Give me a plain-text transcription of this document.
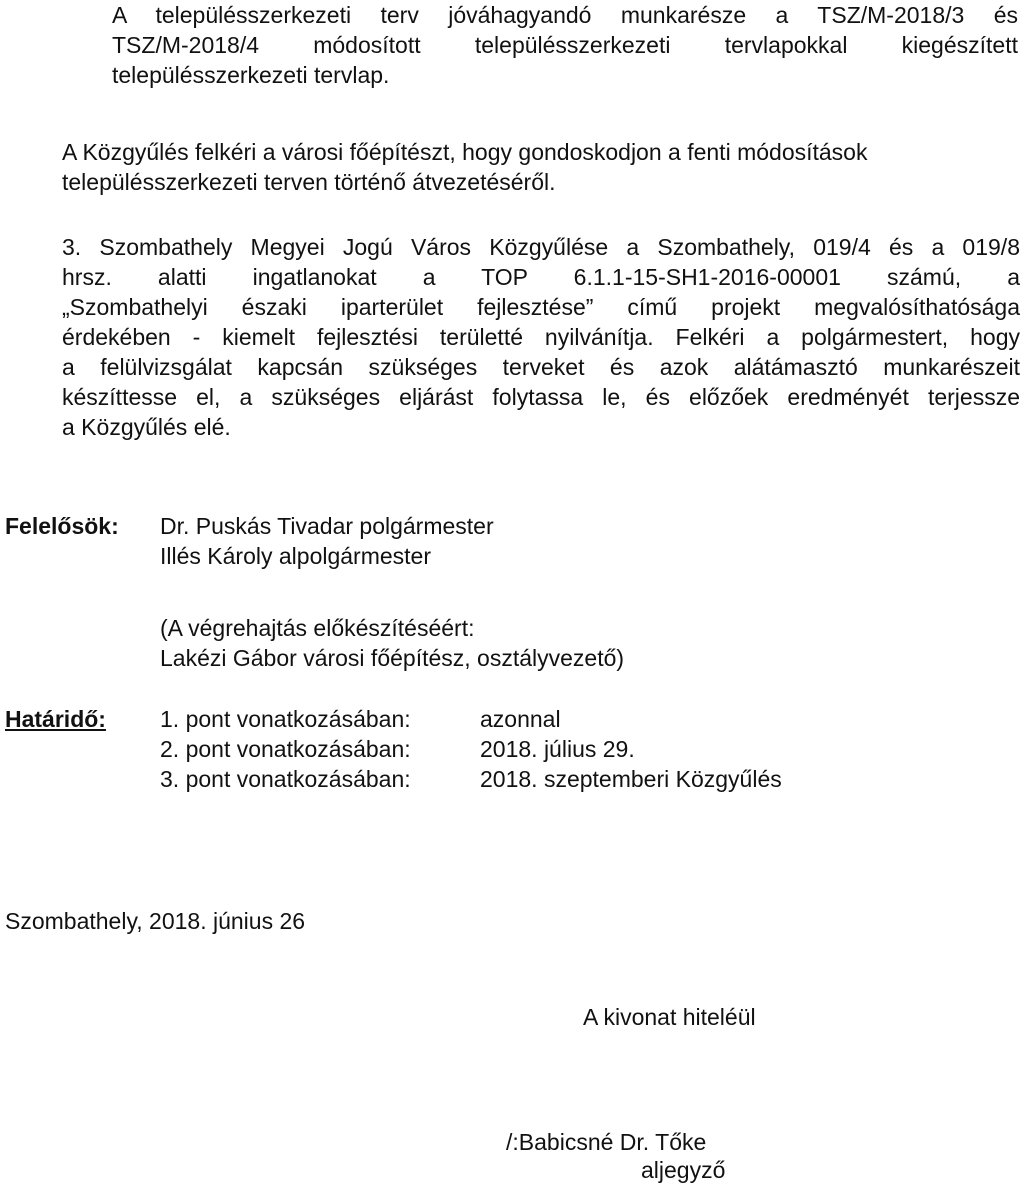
A településszerkezeti terv jóváhagyandó munkarésze a TSZ/M-2018/3 és
TSZ/M-2018/4 módosított településszerkezeti tervlapokkal kiegészített
településszerkezeti tervlap.
A Közgyűlés felkéri a városi főépítészt, hogy gondoskodjon a fenti módosítások
településszerkezeti terven történő átvezetéséről.
3. Szombathely Megyei Jogú Város Közgyűlése a Szombathely, 019/4 és a 019/8
hrsz. alatti ingatlanokat a TOP 6.1.1-15-SH1-2016-00001 számú, a
„Szombathelyi északi iparterület fejlesztése” című projekt megvalósíthatósága
érdekében - kiemelt fejlesztési területté nyilvánítja. Felkéri a polgármestert, hogy
a felülvizsgálat kapcsán szükséges terveket és azok alátámasztó munkarészeit
készíttesse el, a szükséges eljárást folytassa le, és előzőek eredményét terjessze
a Közgyűlés elé.
Felelősök: Dr. Puskás Tivadar polgármester
Illés Károly alpolgármester
(A végrehajtás előkészítéséért:
Lakézi Gábor városi főépítész, osztályvezető)
Határidő: 1. pont vonatkozásában:	azonnal
2. pont vonatkozásában:	2018. július 29.
3. pont vonatkozásában:	2018. szeptemberi Közgyűlés
Szombathely, 2018. június 26
A kivonat hiteléül
/:Babicsné Dr. Tőke
aljegyző
